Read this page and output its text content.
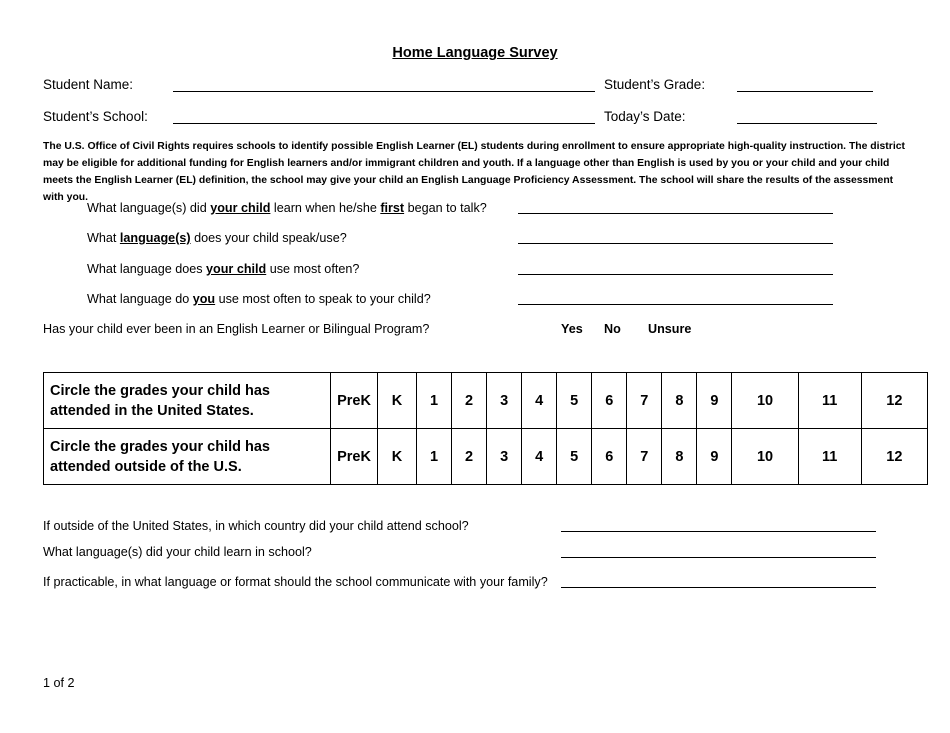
Home Language Survey
Student Name:	Student’s Grade:
Student’s School:	Today’s Date:
The U.S. Office of Civil Rights requires schools to identify possible English Learner (EL) students during enrollment to ensure appropriate high-quality instruction. The district may be eligible for additional funding for English learners and/or immigrant children and youth. If a language other than English is used by you or your child and your child meets the English Learner (EL) definition, the school may give your child an English Language Proficiency Assessment. The school will share the results of the assessment with you.
What language(s) did your child learn when he/she first began to talk?
What language(s) does your child speak/use?
What language does your child use most often?
What language do you use most often to speak to your child?
Has your child ever been in an English Learner or Bilingual Program?	Yes No Unsure
Circle the grades your child has
attended in the United States.	PreK	K	1	2	3	4	5	6	7	8	9	10	11	12

Circle the grades your child has
attended outside of the U.S.	PreK	K	1	2	3	4	5	6	7	8	9	10	11	12
If outside of the United States, in which country did your child attend school?
What language(s) did your child learn in school?
If practicable, in what language or format should the school communicate with your family?
1 of 2
